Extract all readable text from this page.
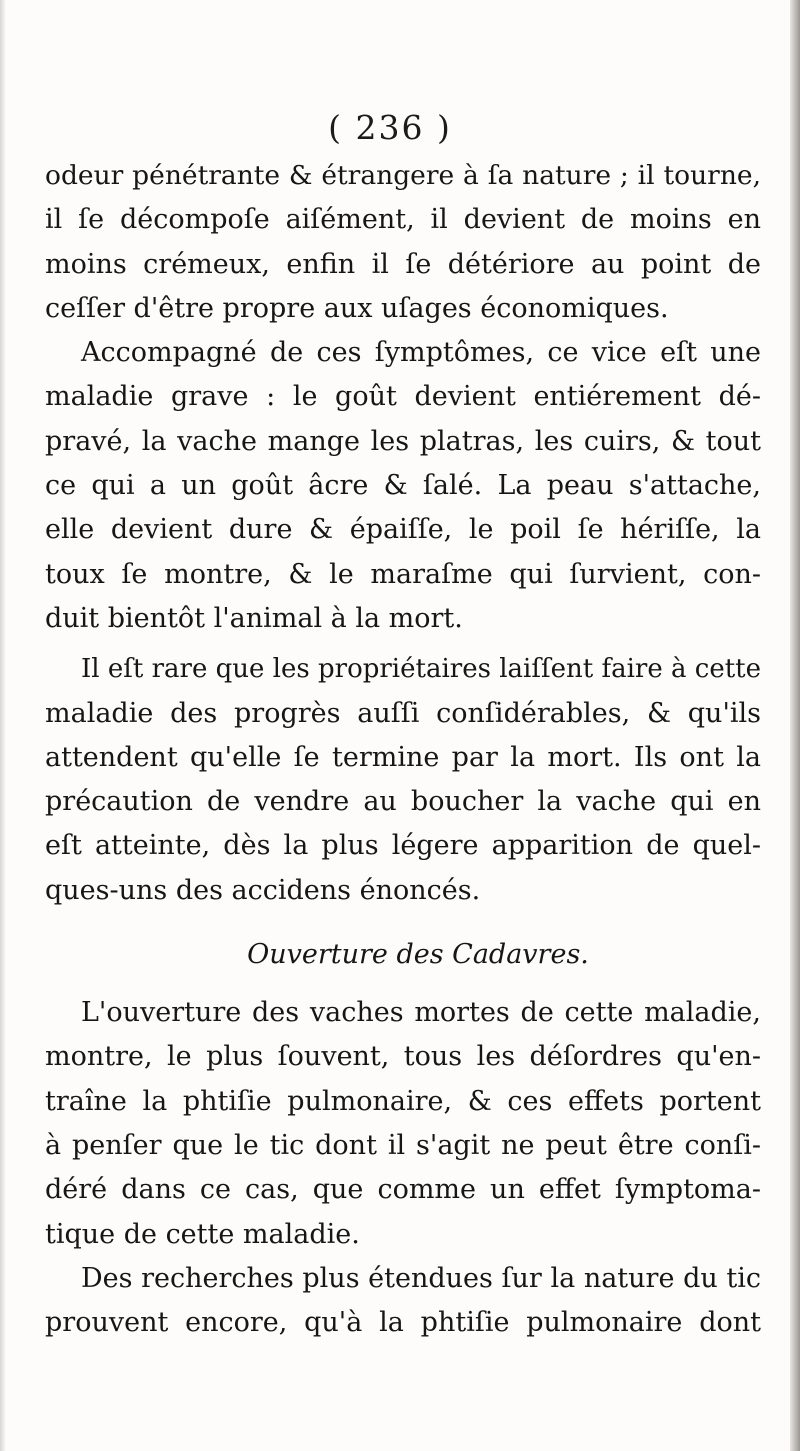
( 236 )
odeur pénétrante & étrangere à ſa nature ; il tourne,
il ſe décompoſe aiſément, il devient de moins en
moins crémeux, enfin il ſe détériore au point de
ceſſer d'être propre aux uſages économiques.
Accompagné de ces ſymptômes, ce vice eſt une
maladie grave : le goût devient entiérement dé-
pravé, la vache mange les platras, les cuirs, & tout
ce qui a un goût âcre & ſalé. La peau s'attache,
elle devient dure & épaiſſe, le poil ſe hériſſe, la
toux ſe montre, & le maraſme qui ſurvient, con-
duit bientôt l'animal à la mort.
Il eſt rare que les propriétaires laiſſent faire à cette
maladie des progrès auſſi conſidérables, & qu'ils
attendent qu'elle ſe termine par la mort. Ils ont la
précaution de vendre au boucher la vache qui en
eſt atteinte, dès la plus légere apparition de quel-
ques-uns des accidens énoncés.
Ouverture des Cadavres.
L'ouverture des vaches mortes de cette maladie,
montre, le plus ſouvent, tous les déſordres qu'en-
traîne la phtiſie pulmonaire, & ces effets portent
à penſer que le tic dont il s'agit ne peut être conſi-
déré dans ce cas, que comme un effet ſymptoma-
tique de cette maladie.
Des recherches plus étendues ſur la nature du tic
prouvent encore, qu'à la phtiſie pulmonaire dont
